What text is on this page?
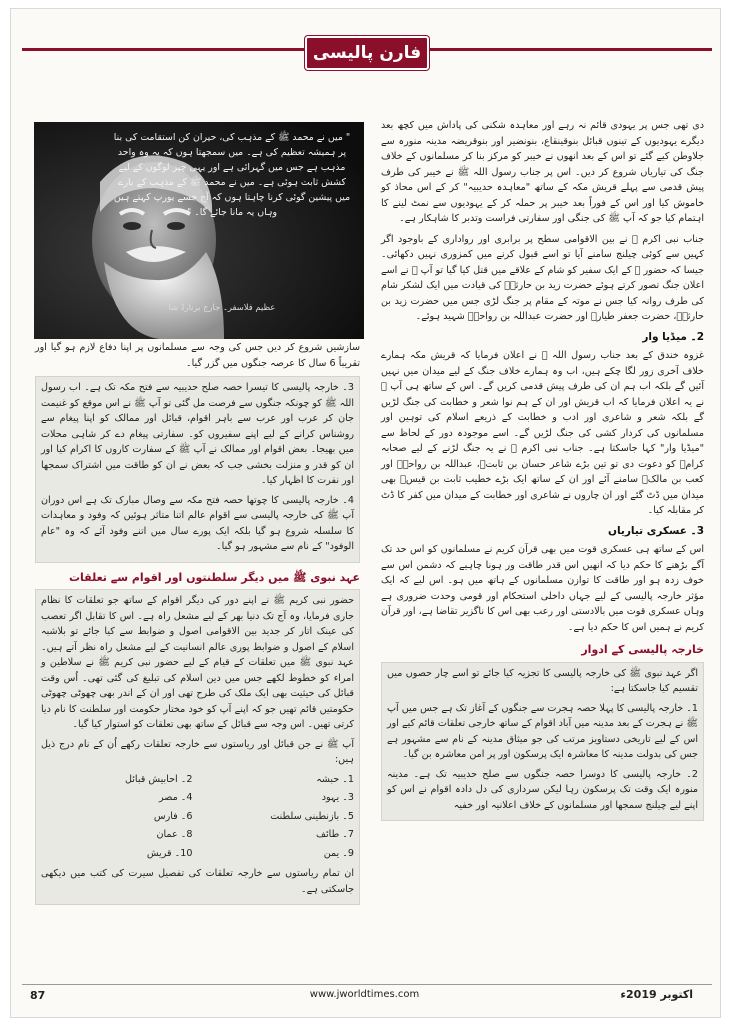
فارن پالیسی
" میں نے محمد ﷺ کے مذہب کی، حیران کن استقامت کی بنا پر ہمیشہ تعظیم کی ہے۔ میں سمجھتا ہوں کہ یہ وہ واحد مذہب ہے جس میں گہرائی ہے اور یہی چیز لوگوں کے لیے کشش ثابت ہوئی ہے۔ میں نے محمد ﷺ کے مذہب کے بارے میں پیشین گوئی کرنا چاہتا ہوں کہ آج جسے یورپ کہتے ہیں وہاں یہ مانا جائے گا۔ "
عظیم فلاسفر۔ جارج برنارڈ شا

دی تھی جس پر یہودی قائم نہ رہے اور معاہدہ شکنی کی پاداش میں کچھ بعد دیگرے یہودیوں کے تینوں قبائل بنوقینقاع، بنونضیر اور بنوقریضہ مدینہ منورہ سے جلاوطن کیے گئے تو اس کے بعد انھوں نے خیبر کو مرکز بنا کر مسلمانوں کے خلاف جنگ کی تیاریاں شروع کر دیں۔ اس پر جناب رسول اللہ ﷺ نے خیبر کی طرف پیش قدمی سے پہلے قریش مکہ کے ساتھ "معاہدہ حدیبیہ" کر کے اس محاذ کو خاموش کیا اور اس کے فوراً بعد خیبر پر حملہ کر کے یہودیوں سے نمٹ لینے کا اہتمام کیا جو کہ آپ ﷺ کی جنگی اور سفارتی فراست وتدبر کا شاہکار ہے۔

جناب نبی اکرم ﷺ نے بین الاقوامی سطح پر برابری اور رواداری کے باوجود اگر کہیں سے کوئی چیلنج سامنے آیا تو اسے قبول کرنے میں کمزوری نہیں دکھائی۔ جیسا کہ حضور ﷺ کے ایک سفیر کو شام کے علاقے میں قتل کیا گیا تو آپ ﷺ نے اسے اعلان جنگ تصور کرتے ہوئے حضرت زید بن حارثہؓ کی قیادت میں ایک لشکر شام کی طرف روانہ کیا جس نے موتہ کے مقام پر جنگ لڑی جس میں حضرت زید بن حارثہؓ، حضرت جعفر طیارؓ اور حضرت عبداللہ بن رواحہؓ شہید ہوئے۔

2۔ میڈیا وار

غزوہ خندق کے بعد جناب رسول اللہ ﷺ نے اعلان فرمایا کہ قریش مکہ ہمارے خلاف آخری زور لگا چکے ہیں، اب وہ ہمارے خلاف جنگ کے لیے میدان میں نہیں آئیں گے بلکہ اب ہم ان کی طرف پیش قدمی کریں گے۔ اس کے ساتھ ہی آپ ﷺ نے یہ اعلان فرمایا کہ اب قریش اور ان کے ہم نوا شعر و خطابت کی جنگ لڑیں گے بلکہ شعر و شاعری اور ادب و خطابت کے ذریعے اسلام کی توہین اور مسلمانوں کی کردار کشی کی جنگ لڑیں گے۔ اسے موجودہ دور کے لحاظ سے "میڈیا وار" کہا جاسکتا ہے۔ جناب نبی اکرم ﷺ نے یہ جنگ لڑنے کے لیے صحابہ کرامؓ کو دعوت دی تو تین بڑے شاعر حسان بن ثابتؓ، عبداللہ بن رواحہؓ اور کعب بن مالکؓ سامنے آئے اور ان کے ساتھ ایک بڑے خطیب ثابت بن قیسؓ بھی میدان میں ڈٹ گئے اور ان چاروں نے شاعری اور خطابت کے میدان میں کفر کا ڈٹ کر مقابلہ کیا۔

3۔ عسکری تیاریاں

اس کے ساتھ ہی عسکری قوت میں بھی قرآن کریم نے مسلمانوں کو اس حد تک آگے بڑھنے کا حکم دیا کہ انھیں اس قدر طاقت ور ہونا چاہیے کہ دشمن اس سے خوف زدہ ہو اور طاقت کا توازن مسلمانوں کے ہاتھ میں ہو۔ اس لیے کہ ایک مؤثر خارجہ پالیسی کے لیے جہاں داخلی استحکام اور قومی وحدت ضروری ہے وہاں عسکری قوت میں بالادستی اور رعب بھی اس کا ناگزیر تقاضا ہے، اور قرآن کریم نے ہمیں اس کا حکم دیا ہے۔

خارجہ پالیسی کے ادوار

اگر عہد نبوی ﷺ کی خارجہ پالیسی کا تجزیہ کیا جائے تو اسے چار حصوں میں تقسیم کیا جاسکتا ہے:

1۔ خارجہ پالیسی کا پہلا حصہ ہجرت سے جنگوں کے آغاز تک ہے جس میں آپ ﷺ نے ہجرت کے بعد مدینہ میں آباد اقوام کے ساتھ خارجی تعلقات قائم کیے اور اس کے لیے تاریخی دستاویز مرتب کی جو میثاق مدینہ کے نام سے مشہور ہے جس کی بدولت مدینہ کا معاشرہ ایک پرسکون اور پر امن معاشرہ بن گیا۔

2۔ خارجہ پالیسی کا دوسرا حصہ جنگوں سے صلح حدیبیہ تک ہے۔ مدینہ منورہ ایک وقت تک پرسکون رہا لیکن سرداری کی دل دادہ اقوام نے اس کو اپنے لیے چیلنج سمجھا اور مسلمانوں کے خلاف اعلانیہ اور خفیہ

سازشیں شروع کر دیں جس کی وجہ سے مسلمانوں پر اپنا دفاع لازم ہو گیا اور تقریباً 6 سال کا عرصہ جنگوں میں گزر گیا۔

3۔ خارجہ پالیسی کا تیسرا حصہ صلح حدیبیہ سے فتح مکہ تک ہے۔ اب رسول اللہ ﷺ کو چونکہ جنگوں سے فرصت مل گئی تو آپ ﷺ نے اس موقع کو غنیمت جان کر عرب اور عرب سے باہر اقوام، قبائل اور ممالک کو اپنا پیغام سے روشناس کرانے کے لیے اپنے سفیروں کو۔ سفارتی پیغام دے کر شاہی محلات میں بھیجا۔ بعض اقوام اور ممالک نے آپ ﷺ کے سفارت کاروں کا اکرام کیا اور ان کو قدر و منزلت بخشی جب کہ بعض نے ان کو طاقت میں اشتراک سمجھا اور نفرت کا اظہار کیا۔

4۔ خارجہ پالیسی کا چوتھا حصہ فتح مکہ سے وصال مبارک تک ہے اس دوران آپ ﷺ کی خارجہ پالیسی سے اقوام عالم اتنا متاثر ہوئیں کہ وفود و معاہدات کا سلسلہ شروع ہو گیا بلکہ ایک پورے سال میں اتنے وفود آئے کہ وہ "عام الوفود" کے نام سے مشہور ہو گیا۔

عہد نبوی ﷺ میں دیگر سلطنتوں اور اقوام سے تعلقات

حضور نبی کریم ﷺ نے اپنے دور کی دیگر اقوام کے ساتھ جو تعلقات کا نظام جاری فرمایا، وہ آج تک دنیا بھر کے لیے مشعل راہ ہے۔ اس کا تقابل اگر تعصب کی عینک اتار کر جدید بین الاقوامی اصول و ضوابط سے کیا جائے تو بلاشبہ اسلام کے اصول و ضوابط پوری عالم انسانیت کے لیے مشعل راہ نظر آتے ہیں۔ عہد نبوی ﷺ میں تعلقات کے قیام کے لیے حضور نبی کریم ﷺ نے سلاطین و امراء کو خطوط لکھے جس میں دین اسلام کی تبلیغ کی گئی تھی۔ اُس وقت قبائل کی حیثیت بھی ایک ملک کی طرح تھی اور ان کے اندر بھی چھوٹی چھوٹی حکومتیں قائم تھیں جو کہ اپنے آپ کو خود مختار حکومت اور سلطنت کا نام دیا کرتی تھیں۔ اس وجہ سے قبائل کے ساتھ بھی تعلقات کو استوار کیا گیا۔

آپ ﷺ نے جن قبائل اور ریاستوں سے خارجہ تعلقات رکھے اُن کے نام درج ذیل ہیں:

1۔ حبشہ
2۔ احابیش قبائل
3۔ یہود
4۔ مصر
5۔ بازنطینی سلطنت
6۔ فارس
7۔ طائف
8۔ عمان
9۔ یمن
10۔ قریش

ان تمام ریاستوں سے خارجہ تعلقات کی تفصیل سیرت کی کتب میں دیکھی جاسکتی ہے۔

87	www.jworldtimes.com	اکتوبر 2019ء
